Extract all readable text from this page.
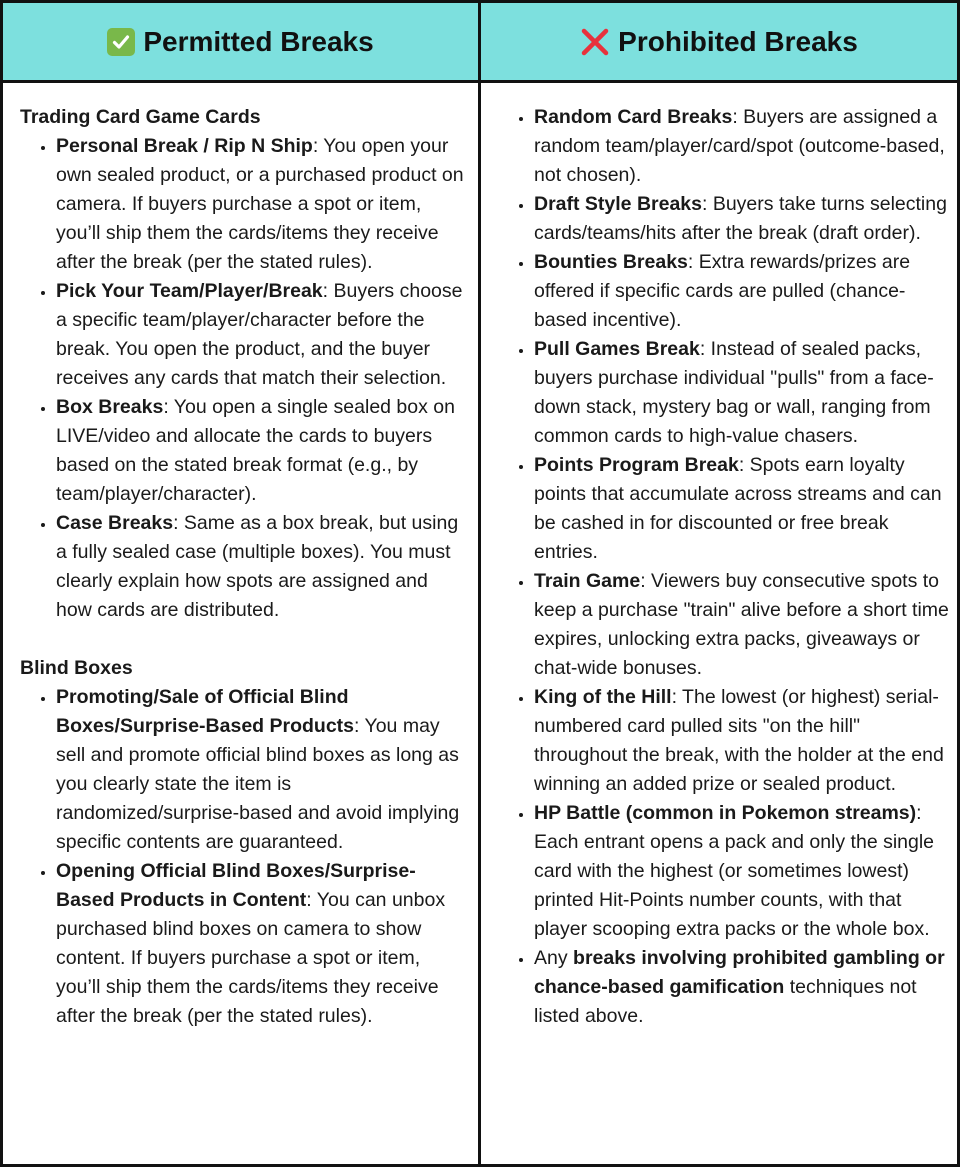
Permitted Breaks	Prohibited Breaks

Trading Card Game Cards

• Personal Break / Rip N Ship: You open your own sealed product, or a purchased product on camera. If buyers purchase a spot or item, you’ll ship them the cards/items they receive after the break (per the stated rules).
• Pick Your Team/Player/Break: Buyers choose a specific team/player/character before the break. You open the product, and the buyer receives any cards that match their selection.
• Box Breaks: You open a single sealed box on LIVE/video and allocate the cards to buyers based on the stated break format (e.g., by team/player/character).
• Case Breaks: Same as a box break, but using a fully sealed case (multiple boxes). You must clearly explain how spots are assigned and how cards are distributed.

Blind Boxes

• Promoting/Sale of Official Blind Boxes/Surprise-Based Products: You may sell and promote official blind boxes as long as you clearly state the item is randomized/surprise-based and avoid implying specific contents are guaranteed.
• Opening Official Blind Boxes/Surprise-Based Products in Content: You can unbox purchased blind boxes on camera to show content. If buyers purchase a spot or item, you’ll ship them the cards/items they receive after the break (per the stated rules).
• Random Card Breaks: Buyers are assigned a random team/player/card/spot (outcome-based, not chosen).
• Draft Style Breaks: Buyers take turns selecting cards/teams/hits after the break (draft order).
• Bounties Breaks: Extra rewards/prizes are offered if specific cards are pulled (chance-based incentive).
• Pull Games Break: Instead of sealed packs, buyers purchase individual "pulls" from a face-down stack, mystery bag or wall, ranging from common cards to high-value chasers.
• Points Program Break: Spots earn loyalty points that accumulate across streams and can be cashed in for discounted or free break entries.
• Train Game: Viewers buy consecutive spots to keep a purchase "train" alive before a short time expires, unlocking extra packs, giveaways or chat-wide bonuses.
• King of the Hill: The lowest (or highest) serial-numbered card pulled sits "on the hill" throughout the break, with the holder at the end winning an added prize or sealed product.
• HP Battle (common in Pokemon streams): Each entrant opens a pack and only the single card with the highest (or sometimes lowest) printed Hit-Points number counts, with that player scooping extra packs or the whole box.
• Any breaks involving prohibited gambling or chance-based gamification techniques not listed above.
